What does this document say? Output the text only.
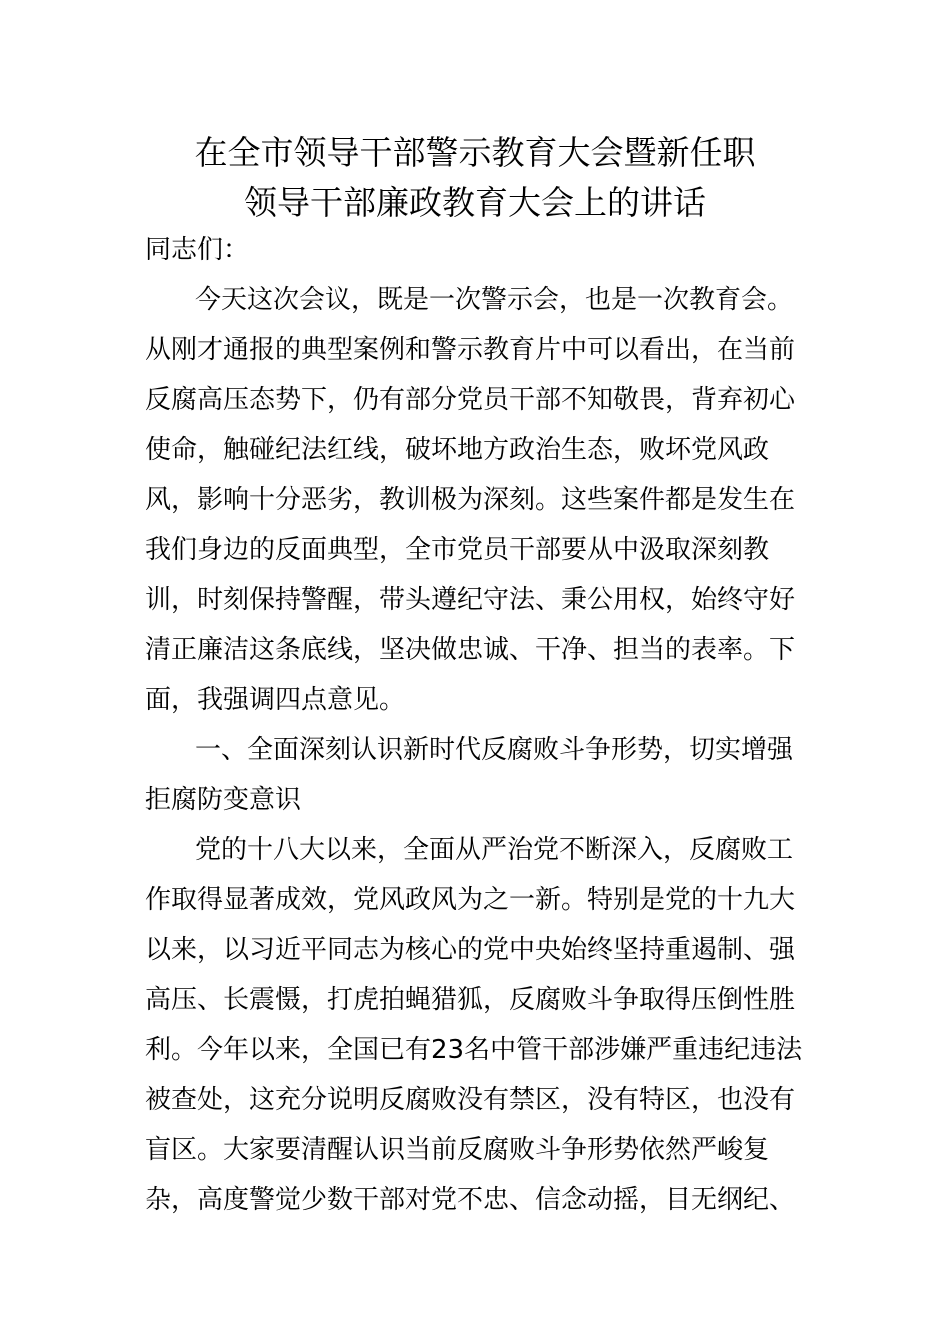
在全市领导干部警示教育大会暨新任职
领导干部廉政教育大会上的讲话
同志们：
今天这次会议，既是一次警示会，也是一次教育会。
从刚才通报的典型案例和警示教育片中可以看出，在当前
反腐高压态势下，仍有部分党员干部不知敬畏，背弃初心
使命，触碰纪法红线，破坏地方政治生态，败坏党风政
风，影响十分恶劣，教训极为深刻。这些案件都是发生在
我们身边的反面典型，全市党员干部要从中汲取深刻教
训，时刻保持警醒，带头遵纪守法、秉公用权，始终守好
清正廉洁这条底线，坚决做忠诚、干净、担当的表率。下
面，我强调四点意见。
一、全面深刻认识新时代反腐败斗争形势，切实增强
拒腐防变意识
党的十八大以来，全面从严治党不断深入，反腐败工
作取得显著成效，党风政风为之一新。特别是党的十九大
以来，以习近平同志为核心的党中央始终坚持重遏制、强
高压、长震慑，打虎拍蝇猎狐，反腐败斗争取得压倒性胜
利。今年以来，全国已有23名中管干部涉嫌严重违纪违法
被查处，这充分说明反腐败没有禁区，没有特区，也没有
盲区。大家要清醒认识当前反腐败斗争形势依然严峻复
杂，高度警觉少数干部对党不忠、信念动摇，目无纲纪、
